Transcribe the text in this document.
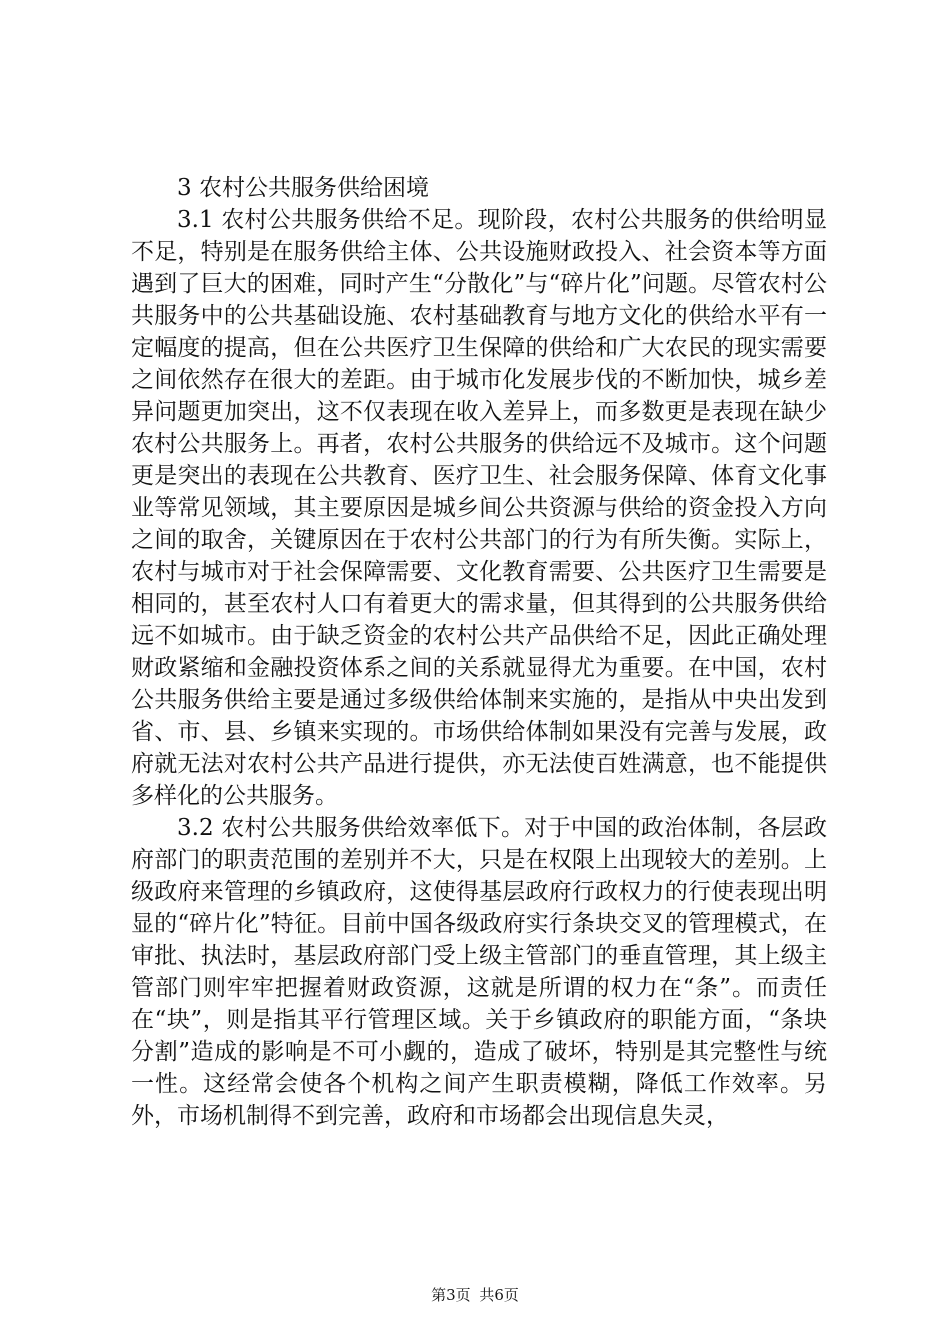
3 农村公共服务供给困境

3.1 农村公共服务供给不足。现阶段，农村公共服务的供给明显不足，特别是在服务供给主体、公共设施财政投入、社会资本等方面遇到了巨大的困难，同时产生“分散化”与“碎片化”问题。尽管农村公共服务中的公共基础设施、农村基础教育与地方文化的供给水平有一定幅度的提高，但在公共医疗卫生保障的供给和广大农民的现实需要之间依然存在很大的差距。由于城市化发展步伐的不断加快，城乡差异问题更加突出，这不仅表现在收入差异上，而多数更是表现在缺少农村公共服务上。再者，农村公共服务的供给远不及城市。这个问题更是突出的表现在公共教育、医疗卫生、社会服务保障、体育文化事业等常见领域，其主要原因是城乡间公共资源与供给的资金投入方向之间的取舍，关键原因在于农村公共部门的行为有所失衡。实际上，农村与城市对于社会保障需要、文化教育需要、公共医疗卫生需要是相同的，甚至农村人口有着更大的需求量，但其得到的公共服务供给远不如城市。由于缺乏资金的农村公共产品供给不足，因此正确处理财政紧缩和金融投资体系之间的关系就显得尤为重要。在中国，农村公共服务供给主要是通过多级供给体制来实施的，是指从中央出发到省、市、县、乡镇来实现的。市场供给体制如果没有完善与发展，政府就无法对农村公共产品进行提供，亦无法使百姓满意，也不能提供多样化的公共服务。

3.2 农村公共服务供给效率低下。对于中国的政治体制，各层政府部门的职责范围的差别并不大，只是在权限上出现较大的差别。上级政府来管理的乡镇政府，这使得基层政府行政权力的行使表现出明显的“碎片化”特征。目前中国各级政府实行条块交叉的管理模式，在审批、执法时，基层政府部门受上级主管部门的垂直管理，其上级主管部门则牢牢把握着财政资源，这就是所谓的权力在“条”。而责任在“块”，则是指其平行管理区域。关于乡镇政府的职能方面，“条块分割”造成的影响是不可小觑的，造成了破坏，特别是其完整性与统一性。这经常会使各个机构之间产生职责模糊，降低工作效率。另外，市场机制得不到完善，政府和市场都会出现信息失灵，

第3页 共6页
